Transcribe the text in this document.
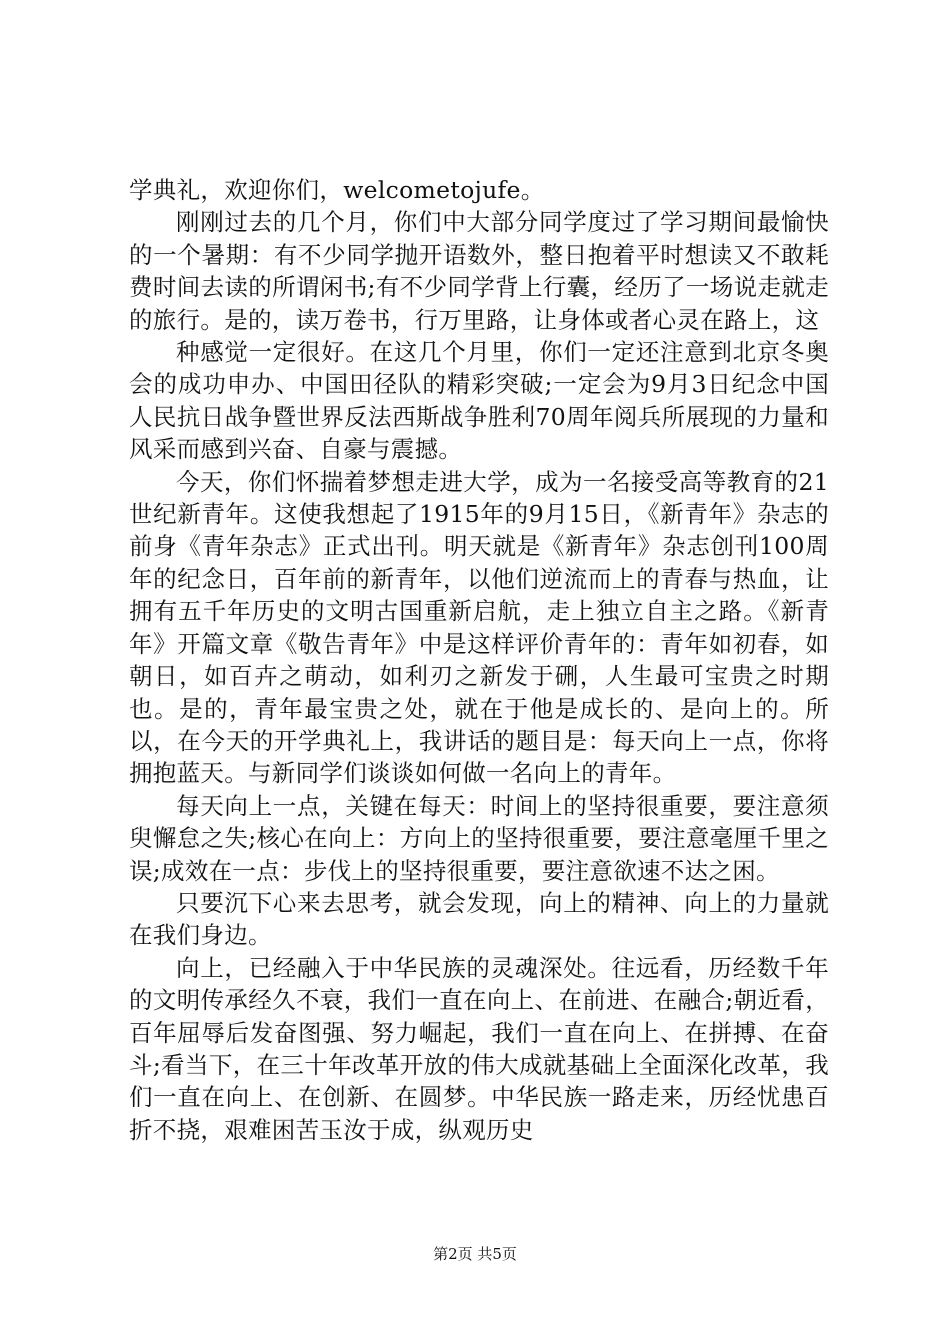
学典礼，欢迎你们，welcometojufe。

刚刚过去的几个月，你们中大部分同学度过了学习期间最愉快的一个暑期：有不少同学抛开语数外，整日抱着平时想读又不敢耗费时间去读的所谓闲书;有不少同学背上行囊，经历了一场说走就走的旅行。是的，读万卷书，行万里路，让身体或者心灵在路上，这

种感觉一定很好。在这几个月里，你们一定还注意到北京冬奥会的成功申办、中国田径队的精彩突破;一定会为9月3日纪念中国人民抗日战争暨世界反法西斯战争胜利70周年阅兵所展现的力量和风采而感到兴奋、自豪与震撼。

今天，你们怀揣着梦想走进大学，成为一名接受高等教育的21世纪新青年。这使我想起了1915年的9月15日，《新青年》杂志的前身《青年杂志》正式出刊。明天就是《新青年》杂志创刊100周年的纪念日，百年前的新青年，以他们逆流而上的青春与热血，让拥有五千年历史的文明古国重新启航，走上独立自主之路。《新青年》开篇文章《敬告青年》中是这样评价青年的：青年如初春，如朝日，如百卉之萌动，如利刃之新发于硎，人生最可宝贵之时期也。是的，青年最宝贵之处，就在于他是成长的、是向上的。所以，在今天的开学典礼上，我讲话的题目是：每天向上一点，你将拥抱蓝天。与新同学们谈谈如何做一名向上的青年。

每天向上一点，关键在每天：时间上的坚持很重要，要注意须臾懈怠之失;核心在向上：方向上的坚持很重要，要注意毫厘千里之误;成效在一点：步伐上的坚持很重要，要注意欲速不达之困。

只要沉下心来去思考，就会发现，向上的精神、向上的力量就在我们身边。

向上，已经融入于中华民族的灵魂深处。往远看，历经数千年的文明传承经久不衰，我们一直在向上、在前进、在融合;朝近看，百年屈辱后发奋图强、努力崛起，我们一直在向上、在拼搏、在奋斗;看当下，在三十年改革开放的伟大成就基础上全面深化改革，我们一直在向上、在创新、在圆梦。中华民族一路走来，历经忧患百折不挠，艰难困苦玉汝于成，纵观历史

第2页 共5页
